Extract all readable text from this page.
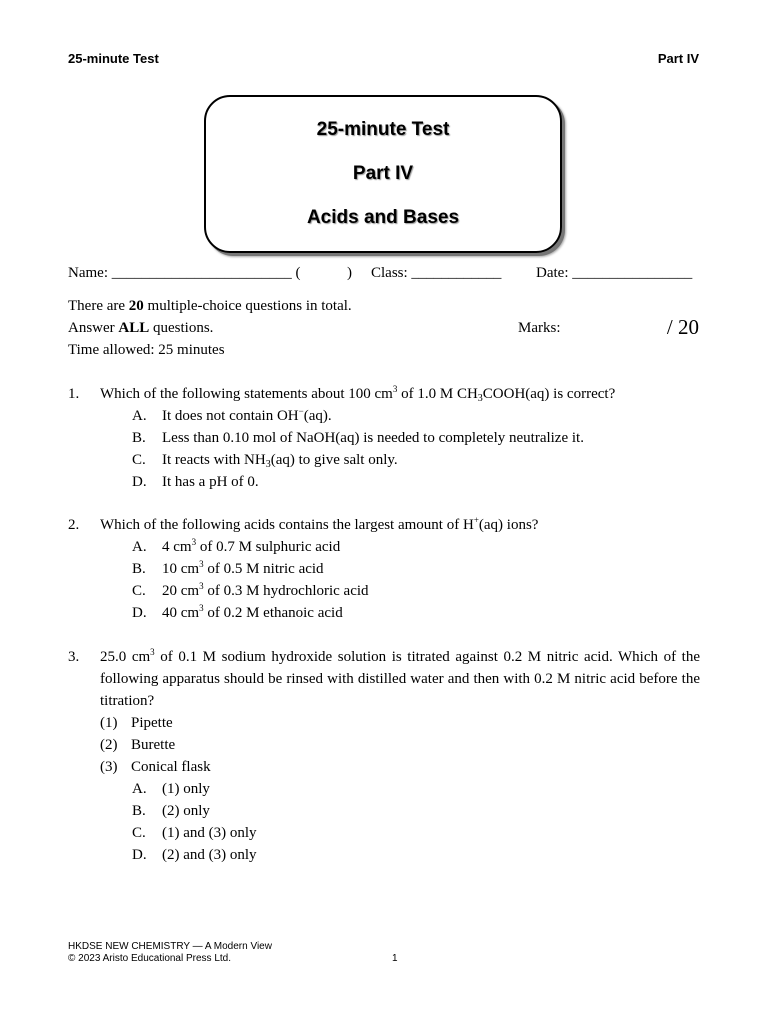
25-minute Test	Part IV
25-minute Test
Part IV
Acids and Bases
Name: ________________________ (	) Class: ____________ Date: ________________
There are 20 multiple-choice questions in total.
Answer ALL questions.
Time allowed: 25 minutes
Marks:	/ 20
1. Which of the following statements about 100 $cm^3$ of 1.0 M $CH_3COOH(aq)$ is correct?
A. It does not contain OH−(aq).
B. Less than 0.10 mol of NaOH(aq) is needed to completely neutralize it.
C. It reacts with $NH_3(aq)$ to give salt only.
D. It has a pH of 0.
2. Which of the following acids contains the largest amount of H+(aq) ions?
A. 4 $cm^3$ of 0.7 M sulphuric acid
B. 10 $cm^3$ of 0.5 M nitric acid
C. 20 $cm^3$ of 0.3 M hydrochloric acid
D. 40 $cm^3$ of 0.2 M ethanoic acid
3. 25.0 $cm^3$ of 0.1 M sodium hydroxide solution is titrated against 0.2 M nitric acid. Which of the following apparatus should be rinsed with distilled water and then with 0.2 M nitric acid before the titration?
(1) Pipette
(2) Burette
(3) Conical flask
A. (1) only
B. (2) only
C. (1) and (3) only
D. (2) and (3) only
HKDSE NEW CHEMISTRY — A Modern View
© 2023 Aristo Educational Press Ltd.	1
